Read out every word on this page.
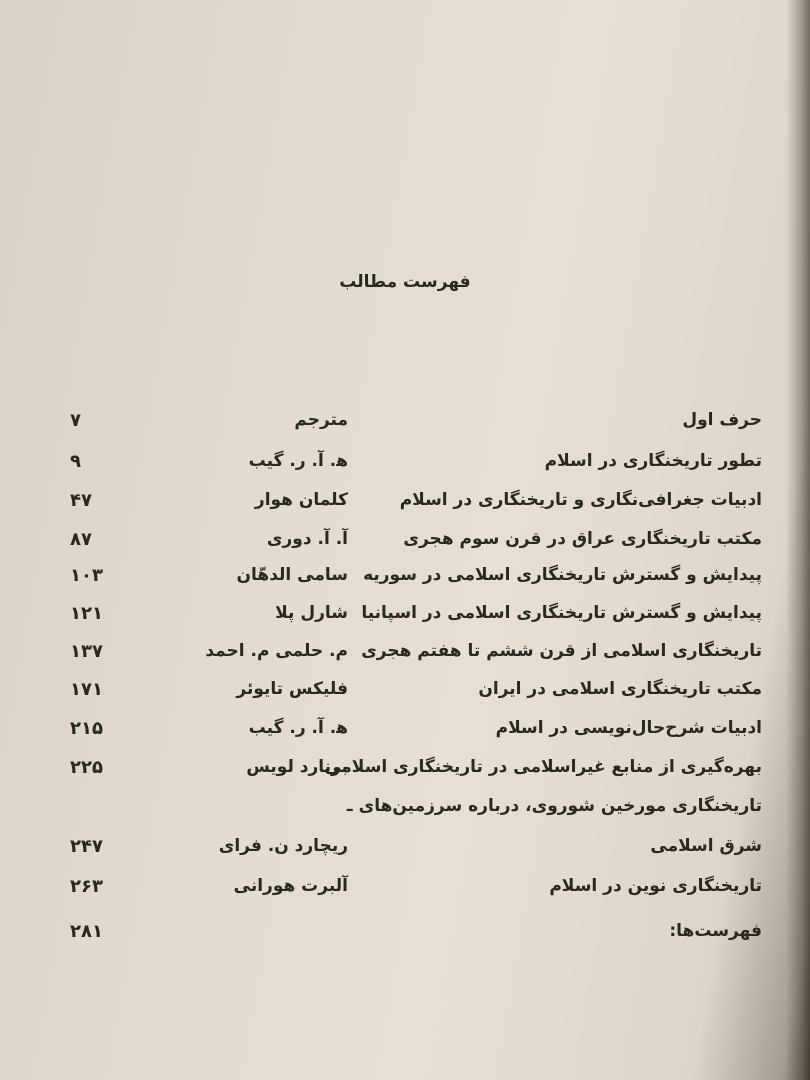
فهرست مطالب
حرف اول
مترجم
۷
تطور تاریخنگاری در اسلام
ﻫ. آ. ر. گیب
۹
ادبیات جغرافی‌نگاری و تاریخنگاری در اسلام
کلمان هوار
۴۷
مکتب تاریخنگاری عراق در قرن سوم هجری
آ. آ. دوری
۸۷
پیدایش و گسترش تاریخنگاری اسلامی در سوریه
سامی الدهّان
۱۰۳
پیدایش و گسترش تاریخنگاری اسلامی در اسپانیا
شارل پلا
۱۲۱
تاریخنگاری اسلامی از قرن ششم تا هفتم هجری
م. حلمی م. احمد
۱۳۷
مکتب تاریخنگاری اسلامی در ایران
فلیکس تایوئر
۱۷۱
ادبیات شرح‌حال‌نویسی در اسلام
ﻫ. آ. ر. گیب
۲۱۵
بهره‌گیری از منابع غیراسلامی در تاریخنگاری اسلامی
برنارد لویس
۲۲۵
تاریخنگاری مورخین شوروی، درباره سرزمین‌های ـ
شرق اسلامی
ریچارد ن. فرای
۲۴۷
تاریخنگاری نوین در اسلام
آلبرت هورانی
۲۶۳
فهرست‌ها:
۲۸۱
